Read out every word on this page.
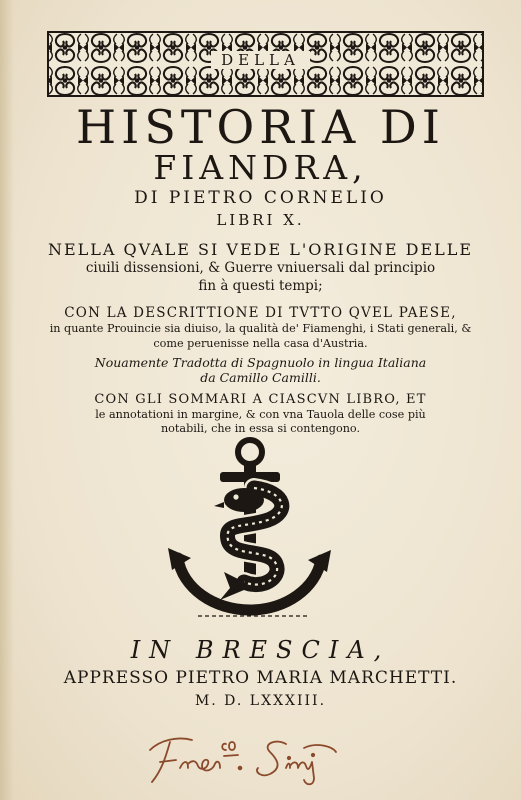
DELLA
HISTORIA DI
FIANDRA,
DI PIETRO CORNELIO
LIBRI X.
NELLA QVALE SI VEDE L'ORIGINE DELLE
ciuili dissensioni, & Guerre vniuersali dal principio
fin à questi tempi;
CON LA DESCRITTIONE DI TVTTO QVEL PAESE,
in quante Prouincie sia diuiso, la qualità de' Fiamenghi, i Stati generali, &
come peruenisse nella casa d'Austria.
Nouamente Tradotta di Spagnuolo in lingua Italiana
da Camillo Camilli.
CON GLI SOMMARI A CIASCVN LIBRO, ET
le annotationi in margine, & con vna Tauola delle cose più
notabili, che in essa si contengono.
IN BRESCIA,
APPRESSO PIETRO MARIA MARCHETTI.
M. D. LXXXIII.
